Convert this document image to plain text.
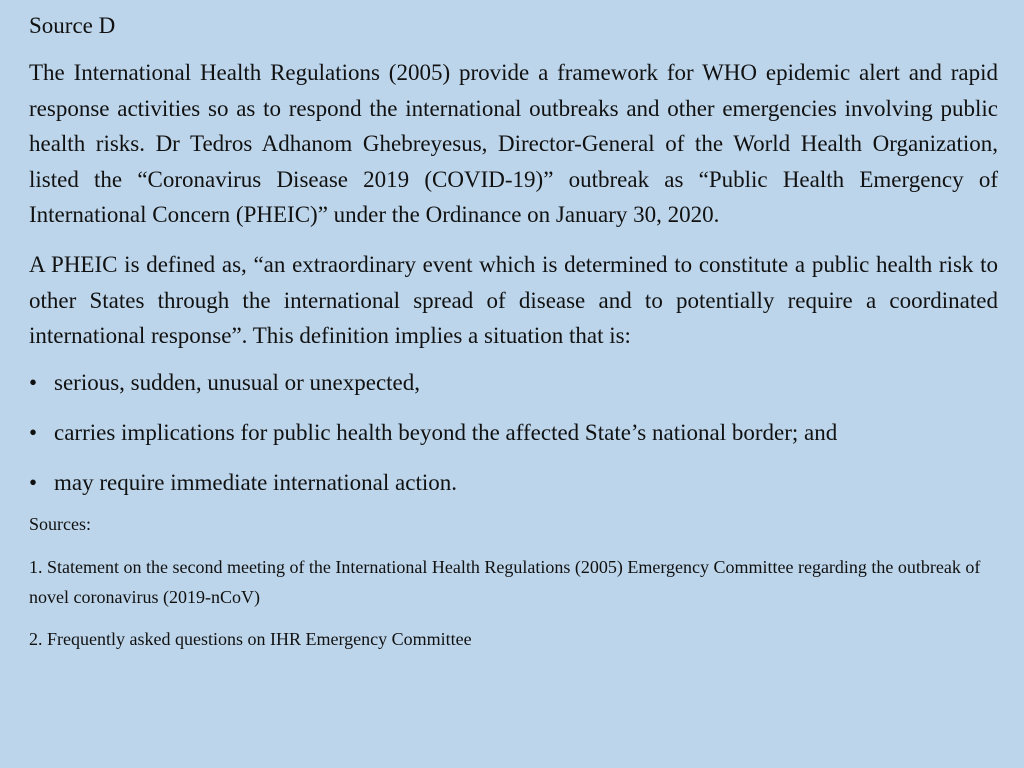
Source D

The International Health Regulations (2005) provide a framework for WHO epidemic alert and rapid response activities so as to respond the international outbreaks and other emergencies involving public health risks. Dr Tedros Adhanom Ghebreyesus, Director-General of the World Health Organization, listed the “Coronavirus Disease 2019 (COVID-19)” outbreak as “Public Health Emergency of International Concern (PHEIC)” under the Ordinance on January 30, 2020.

A PHEIC is defined as, “an extraordinary event which is determined to constitute a public health risk to other States through the international spread of disease and to potentially require a coordinated international response”. This definition implies a situation that is:

• serious, sudden, unusual or unexpected,
• carries implications for public health beyond the affected State’s national border; and
• may require immediate international action.
Sources:
1. Statement on the second meeting of the International Health Regulations (2005) Emergency Committee regarding the outbreak of novel coronavirus (2019-nCoV)
2. Frequently asked questions on IHR Emergency Committee
